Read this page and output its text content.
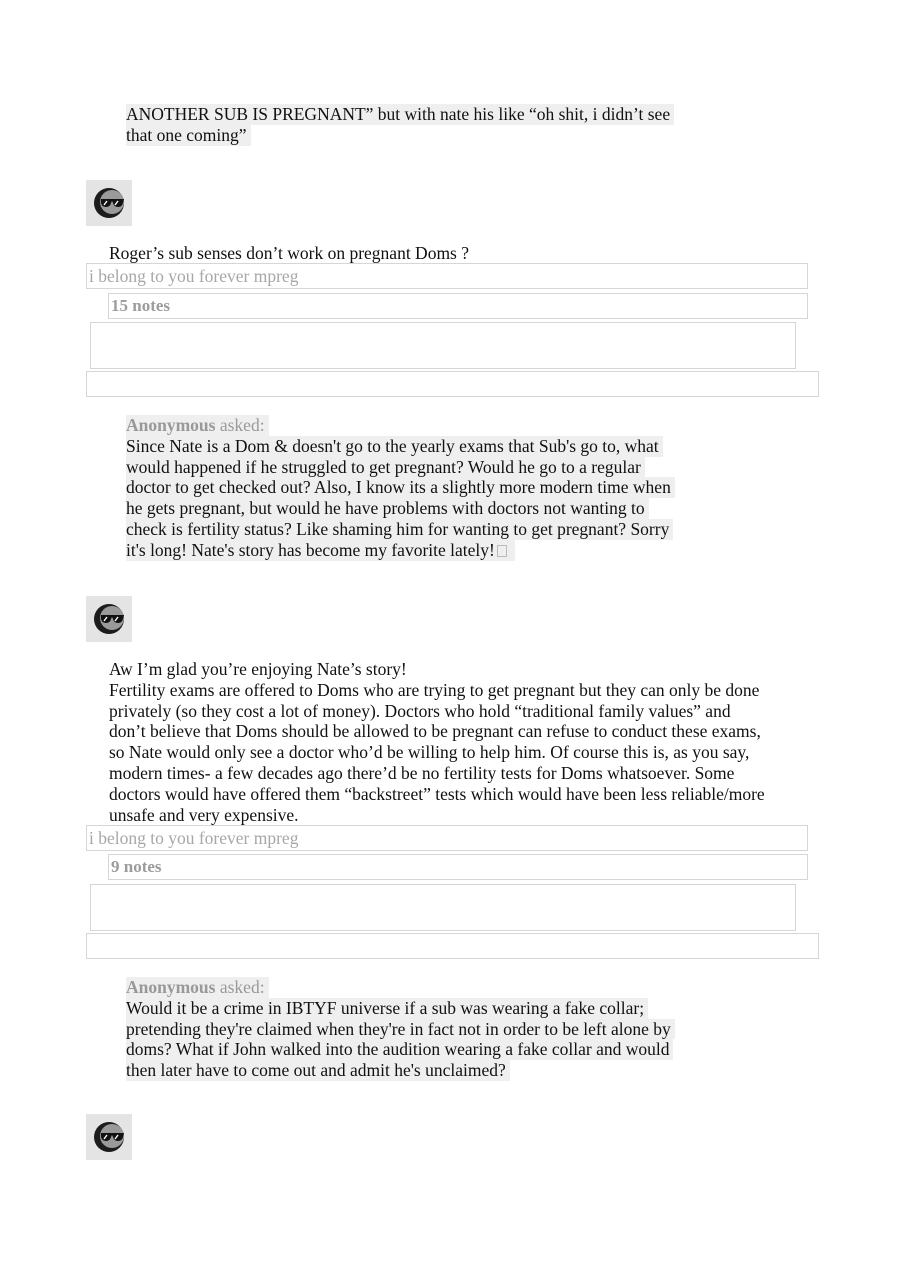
ANOTHER SUB IS PREGNANT” but with nate his like “oh shit, i didn’t see
that one coming”
Roger’s sub senses don’t work on pregnant Doms ?
i belong to you forever mpreg
15 notes
Anonymous asked:
Since Nate is a Dom & doesn't go to the yearly exams that Sub's go to, what
would happened if he struggled to get pregnant? Would he go to a regular
doctor to get checked out? Also, I know its a slightly more modern time when
he gets pregnant, but would he have problems with doctors not wanting to
check is fertility status? Like shaming him for wanting to get pregnant? Sorry
it's long! Nate's story has become my favorite lately!
Aw I’m glad you’re enjoying Nate’s story!
Fertility exams are offered to Doms who are trying to get pregnant but they can only be done
privately (so they cost a lot of money). Doctors who hold “traditional family values” and
don’t believe that Doms should be allowed to be pregnant can refuse to conduct these exams,
so Nate would only see a doctor who’d be willing to help him. Of course this is, as you say,
modern times- a few decades ago there’d be no fertility tests for Doms whatsoever. Some
doctors would have offered them “backstreet” tests which would have been less reliable/more
unsafe and very expensive.
i belong to you forever mpreg
9 notes
Anonymous asked:
Would it be a crime in IBTYF universe if a sub was wearing a fake collar;
pretending they're claimed when they're in fact not in order to be left alone by
doms? What if John walked into the audition wearing a fake collar and would
then later have to come out and admit he's unclaimed?
